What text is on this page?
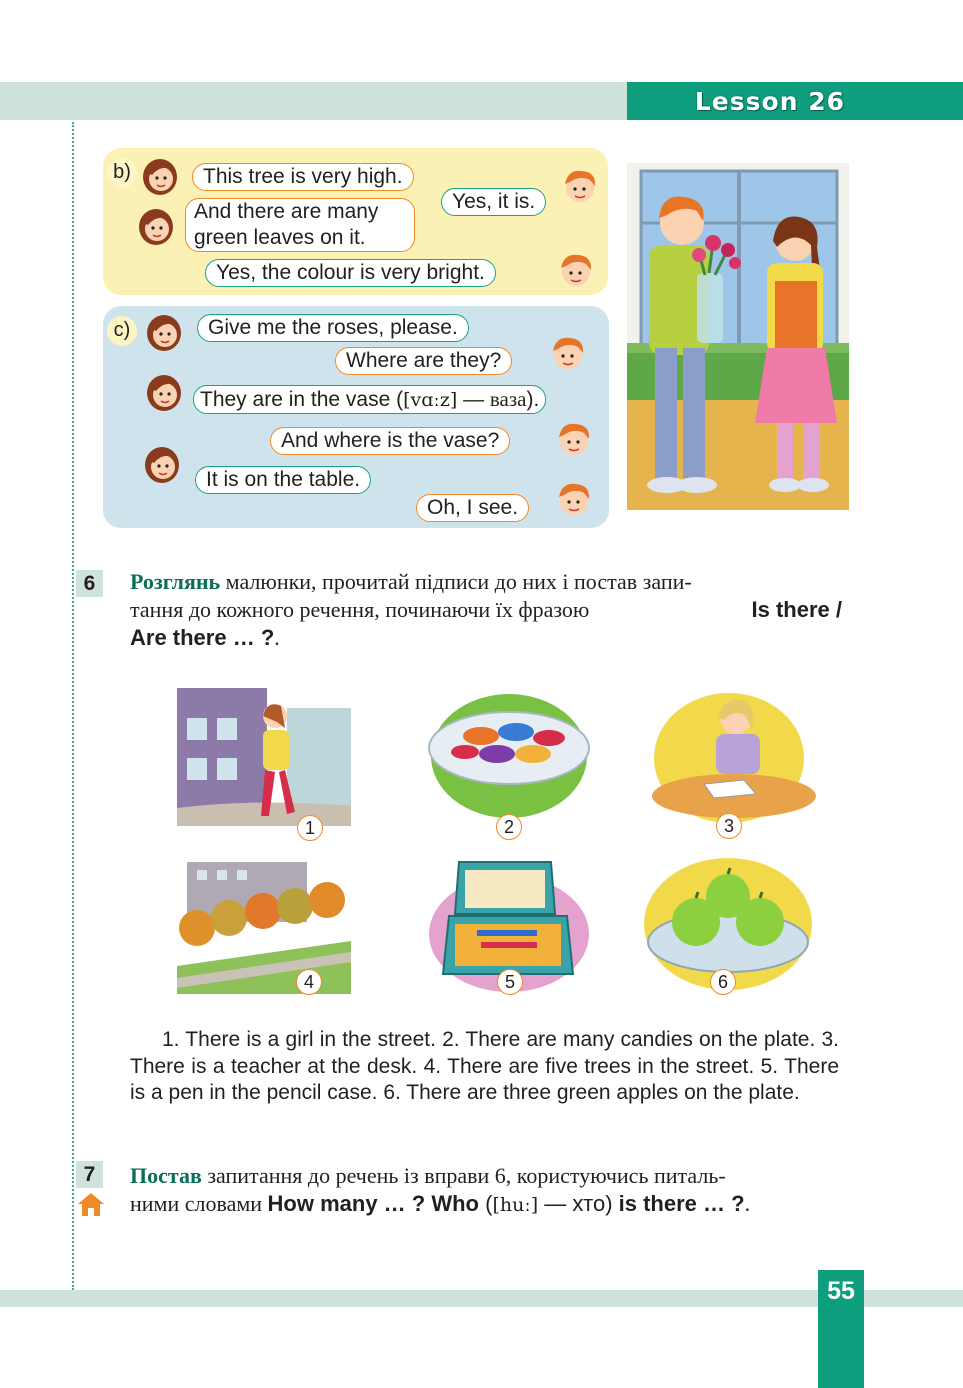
Lesson 26
b)	This tree is very high.
Yes, it is.
And there are many
green leaves on it.
Yes, the colour is very bright.
c)	Give me the roses, please.
Where are they?
They are in the vase ([vɑːz] — ваза).
And where is the vase?
It is on the table.
Oh, I see.
6	Розглянь малюнки, прочитай підписи до них і постав запи-
тання до кожного речення, починаючи їх фразою	Is there /
Are there … ?.
1	2	3
4	5	6
1. There is a girl in the street. 2. There are many candies on the plate. 3. There is a teacher at the desk. 4. There are five trees in the street. 5. There is a pen in the pencil case. 6. There are three green apples on the plate.
7	Постав запитання до речень із вправи 6, користуючись питаль-
ними словами How many … ? Who ([huː] — хто) is there … ?.
55
